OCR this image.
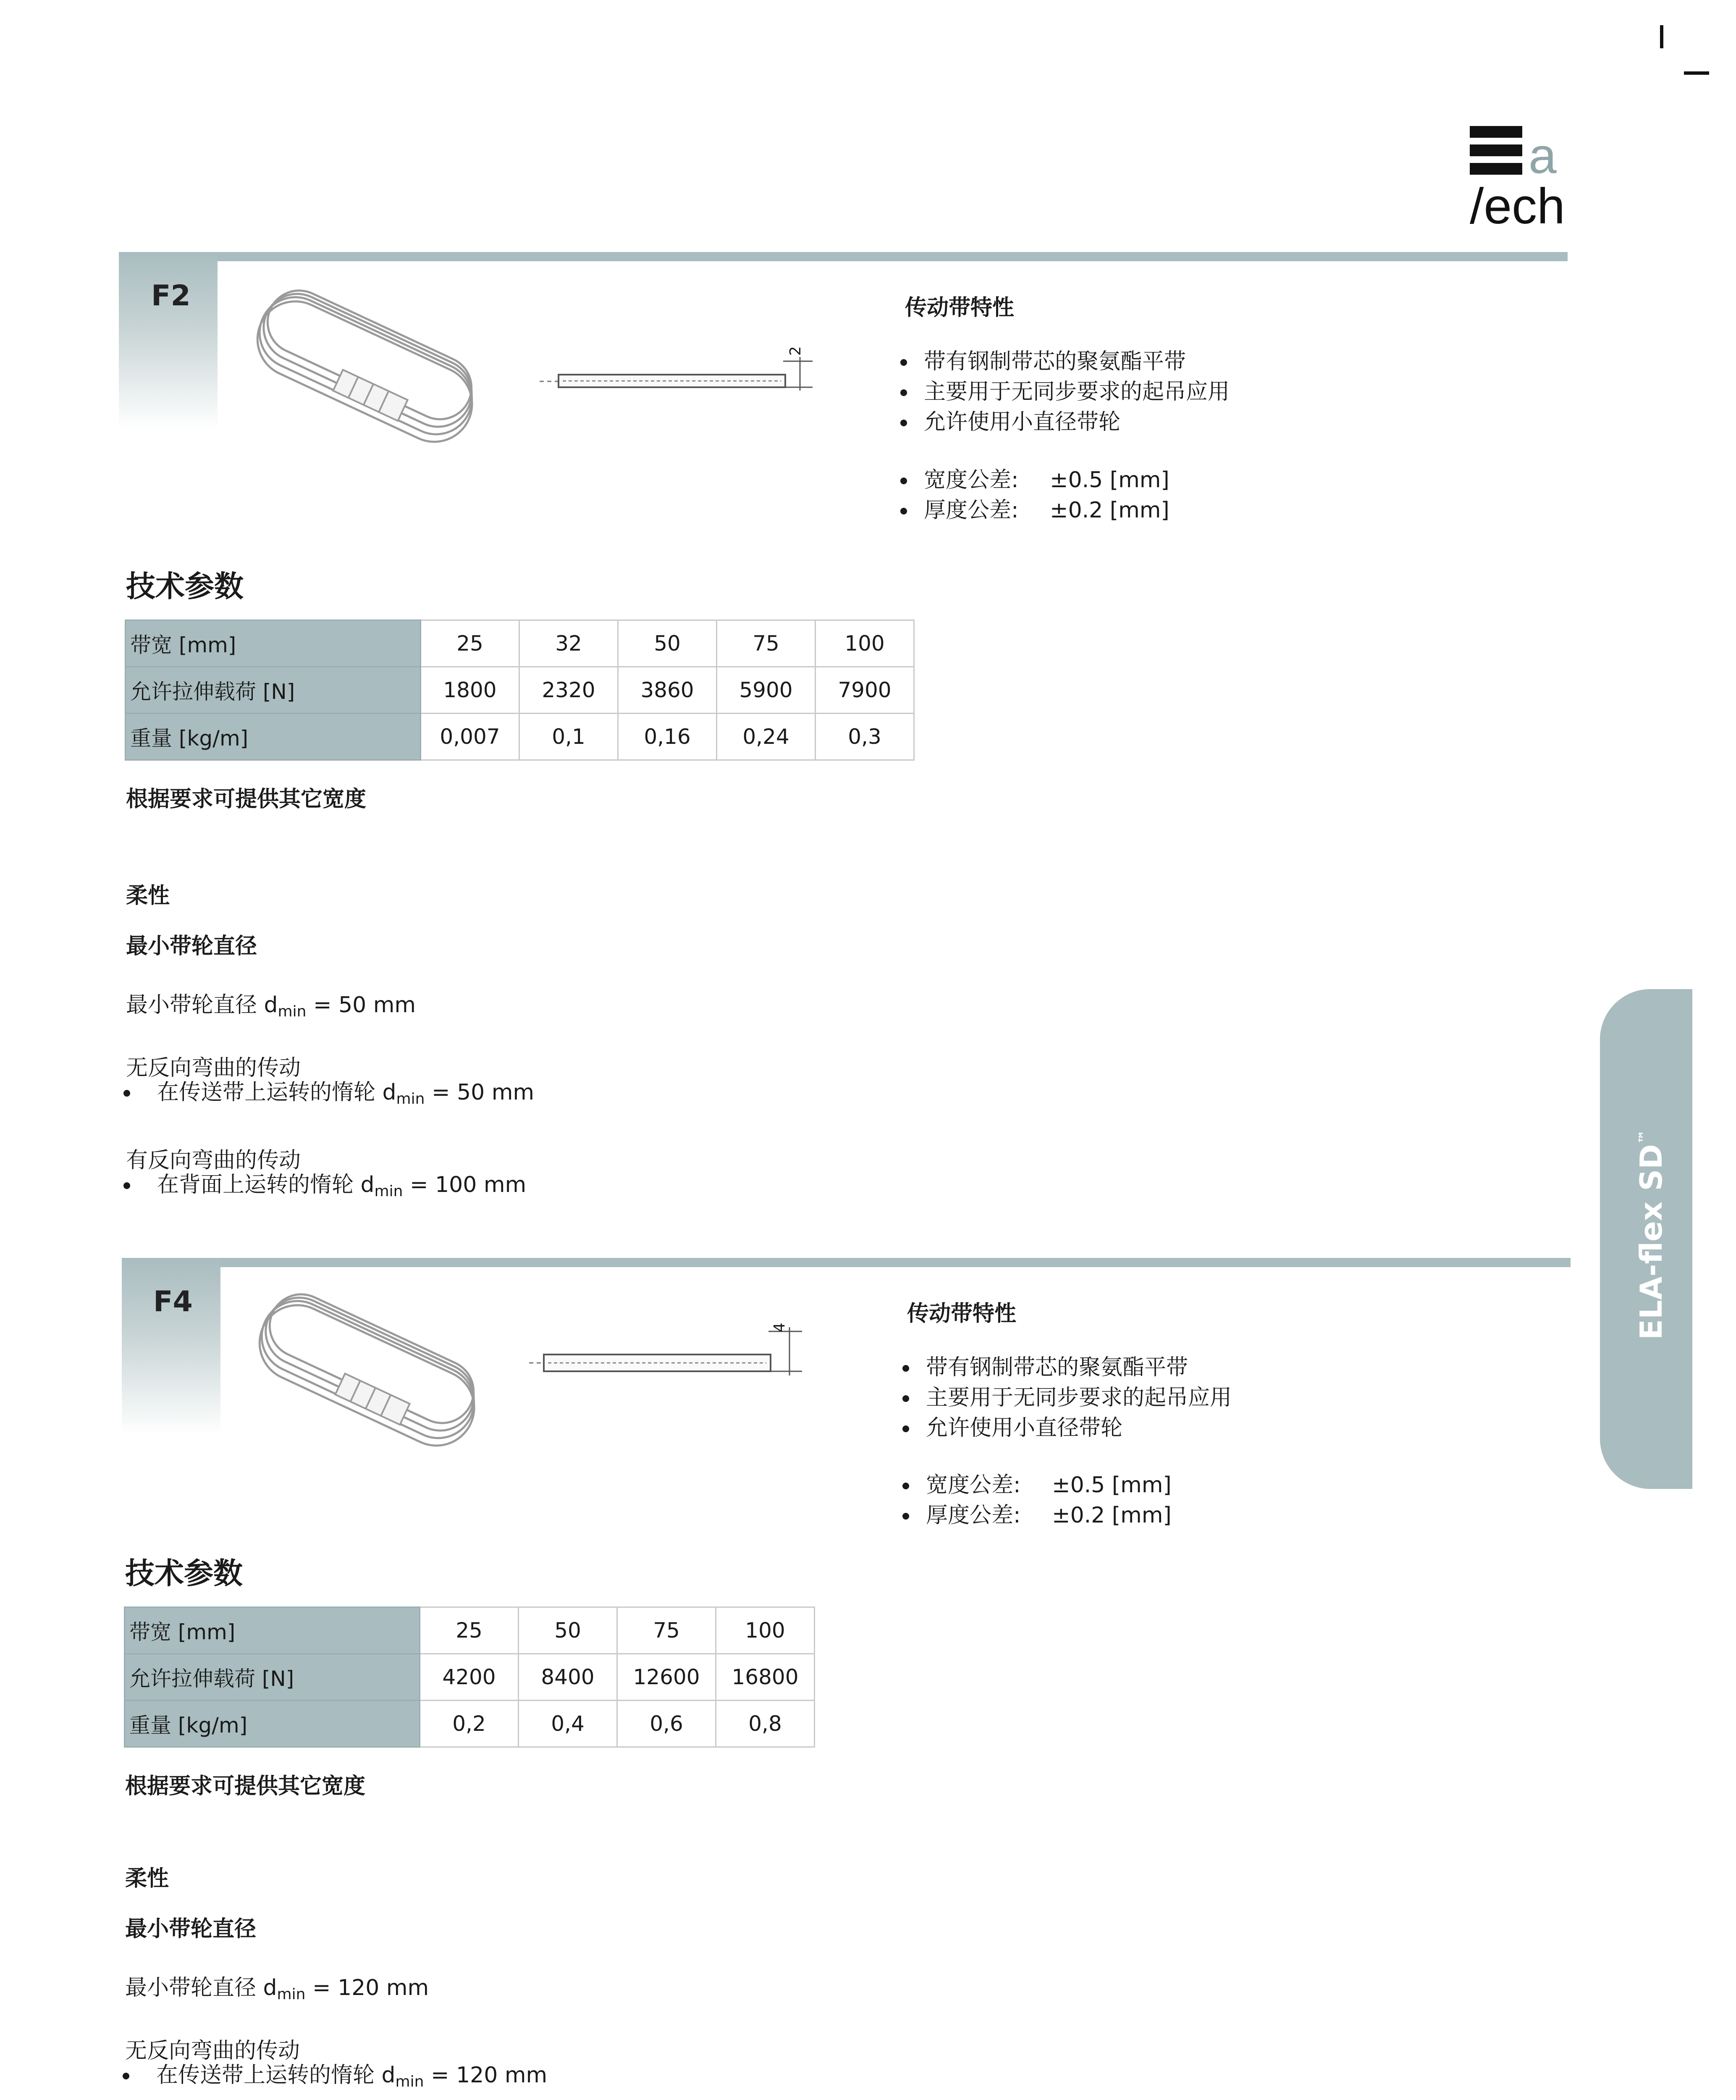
a
/ech
F2
2
传动带特性
带有钢制带芯的聚氨酯平带
主要用于无同步要求的起吊应用
允许使用小直径带轮
宽度公差: ±0.5 [mm]
厚度公差: ±0.2 [mm]
技术参数
带宽 [mm]	25	32	50	75	100
允许拉伸载荷 [N]	1800	2320	3860	5900	7900
重量 [kg/m]	0,007	0,1	0,16	0,24	0,3
根据要求可提供其它宽度
柔性
最小带轮直径
最小带轮直径 $d_{min} = 50$ mm
无反向弯曲的传动
在传送带上运转的惰轮 $d_{min} = 50$ mm
有反向弯曲的传动
在背面上运转的惰轮 $d_{min} = 100$ mm
F4
4
传动带特性
带有钢制带芯的聚氨酯平带
主要用于无同步要求的起吊应用
允许使用小直径带轮
宽度公差: ±0.5 [mm]
厚度公差: ±0.2 [mm]
技术参数
带宽 [mm]	25	50	75	100
允许拉伸载荷 [N]	4200	8400	12600	16800
重量 [kg/m]	0,2	0,4	0,6	0,8
根据要求可提供其它宽度
柔性
最小带轮直径
最小带轮直径 $d_{min} = 120$ mm
无反向弯曲的传动
在传送带上运转的惰轮 $d_{min} = 120$ mm
ELA-flex SD™
